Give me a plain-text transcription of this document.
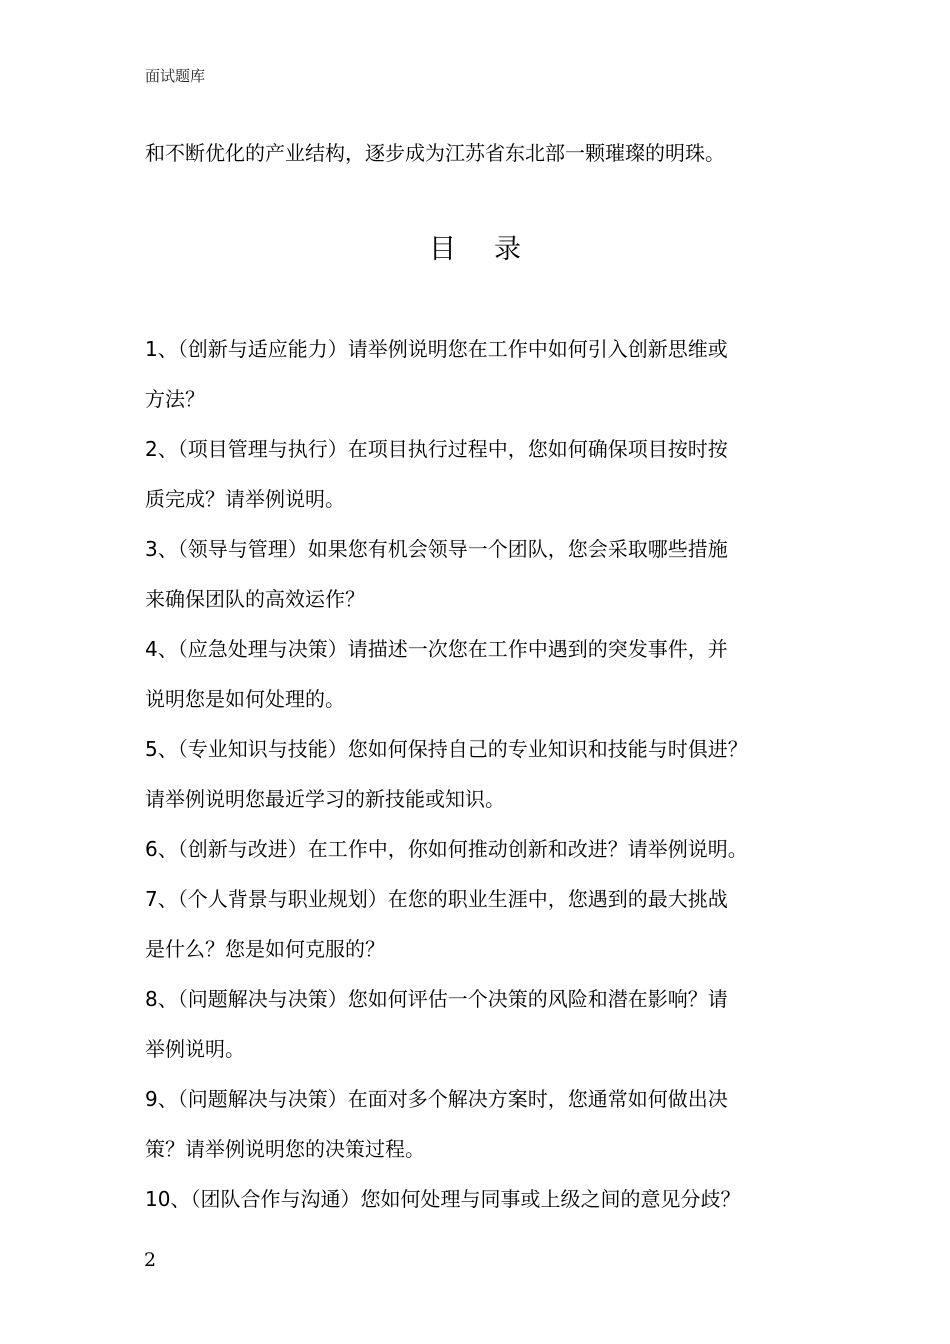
面试题库
和不断优化的产业结构，逐步成为江苏省东北部一颗璀璨的明珠。
目录
1、（创新与适应能力）请举例说明您在工作中如何引入创新思维或
方法？
2、（项目管理与执行）在项目执行过程中，您如何确保项目按时按
质完成？请举例说明。
3、（领导与管理）如果您有机会领导一个团队，您会采取哪些措施
来确保团队的高效运作？
4、（应急处理与决策）请描述一次您在工作中遇到的突发事件，并
说明您是如何处理的。
5、（专业知识与技能）您如何保持自己的专业知识和技能与时俱进？
请举例说明您最近学习的新技能或知识。
6、（创新与改进）在工作中，你如何推动创新和改进？请举例说明。
7、（个人背景与职业规划）在您的职业生涯中，您遇到的最大挑战
是什么？您是如何克服的？
8、（问题解决与决策）您如何评估一个决策的风险和潜在影响？请
举例说明。
9、（问题解决与决策）在面对多个解决方案时，您通常如何做出决
策？请举例说明您的决策过程。
10、（团队合作与沟通）您如何处理与同事或上级之间的意见分歧？
2
